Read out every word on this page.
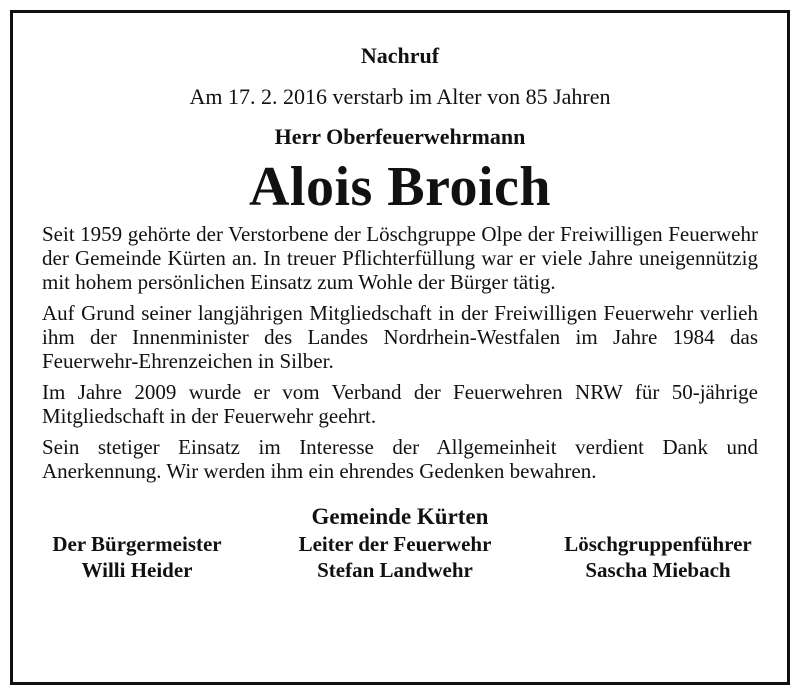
Nachruf
Am 17. 2. 2016 verstarb im Alter von 85 Jahren
Herr Oberfeuerwehrmann
Alois Broich

Seit 1959 gehörte der Verstorbene der Löschgruppe Olpe der Freiwilligen Feuerwehr der Gemeinde Kürten an. In treuer Pflichterfüllung war er viele Jahre uneigennützig mit hohem persönlichen Einsatz zum Wohle der Bürger tätig.

Auf Grund seiner langjährigen Mitgliedschaft in der Freiwilligen Feuerwehr verlieh ihm der Innenminister des Landes Nordrhein-Westfalen im Jahre 1984 das Feuerwehr-Ehrenzeichen in Silber.

Im Jahre 2009 wurde er vom Verband der Feuerwehren NRW für 50-jährige Mitgliedschaft in der Feuerwehr geehrt.

Sein stetiger Einsatz im Interesse der Allgemeinheit verdient Dank und Anerkennung. Wir werden ihm ein ehrendes Gedenken bewahren.

Gemeinde Kürten
Der Bürgermeister
Willi Heider
Leiter der Feuerwehr
Stefan Landwehr
Löschgruppenführer
Sascha Miebach
